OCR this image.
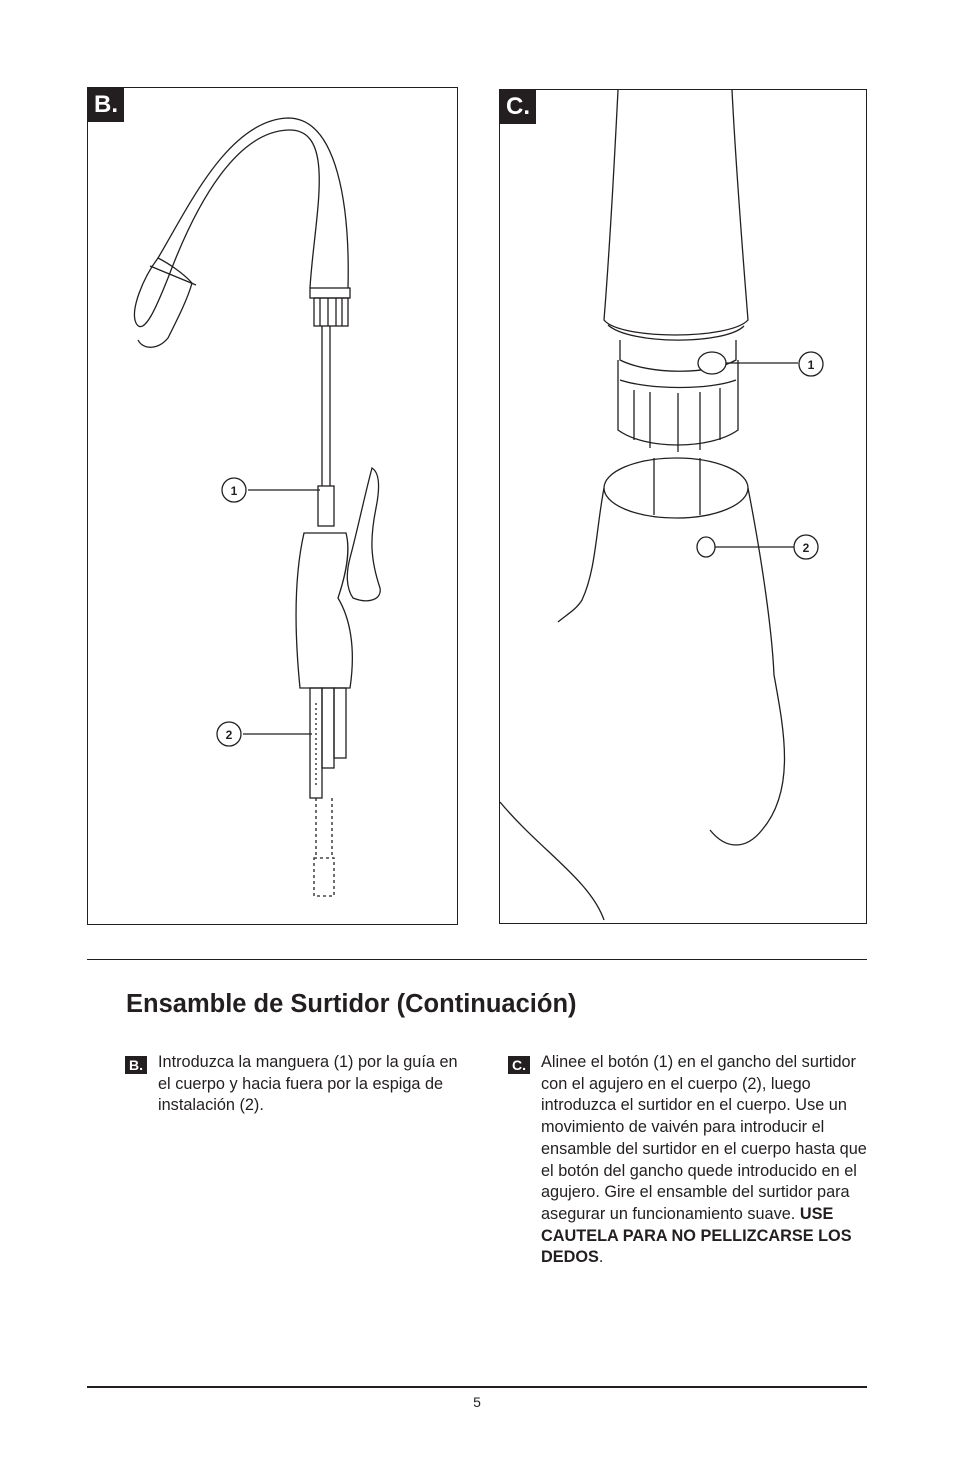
1
2
B.
1
2
C.
Ensamble de Surtidor (Continuación)
B. Introduzca la manguera (1) por la guía en el cuerpo y hacia fuera por la espiga de instalación (2).
C. Alinee el botón (1) en el gancho del surtidor con el agujero en el cuerpo (2), luego introduzca el surtidor en el cuerpo. Use un movimiento de vaivén para introducir el ensamble del surtidor en el cuerpo hasta que el botón del gancho quede introducido en el agujero. Gire el ensamble del surtidor para asegurar un funcionamiento suave. USE CAUTELA PARA NO PELLIZCARSE LOS DEDOS.
5
